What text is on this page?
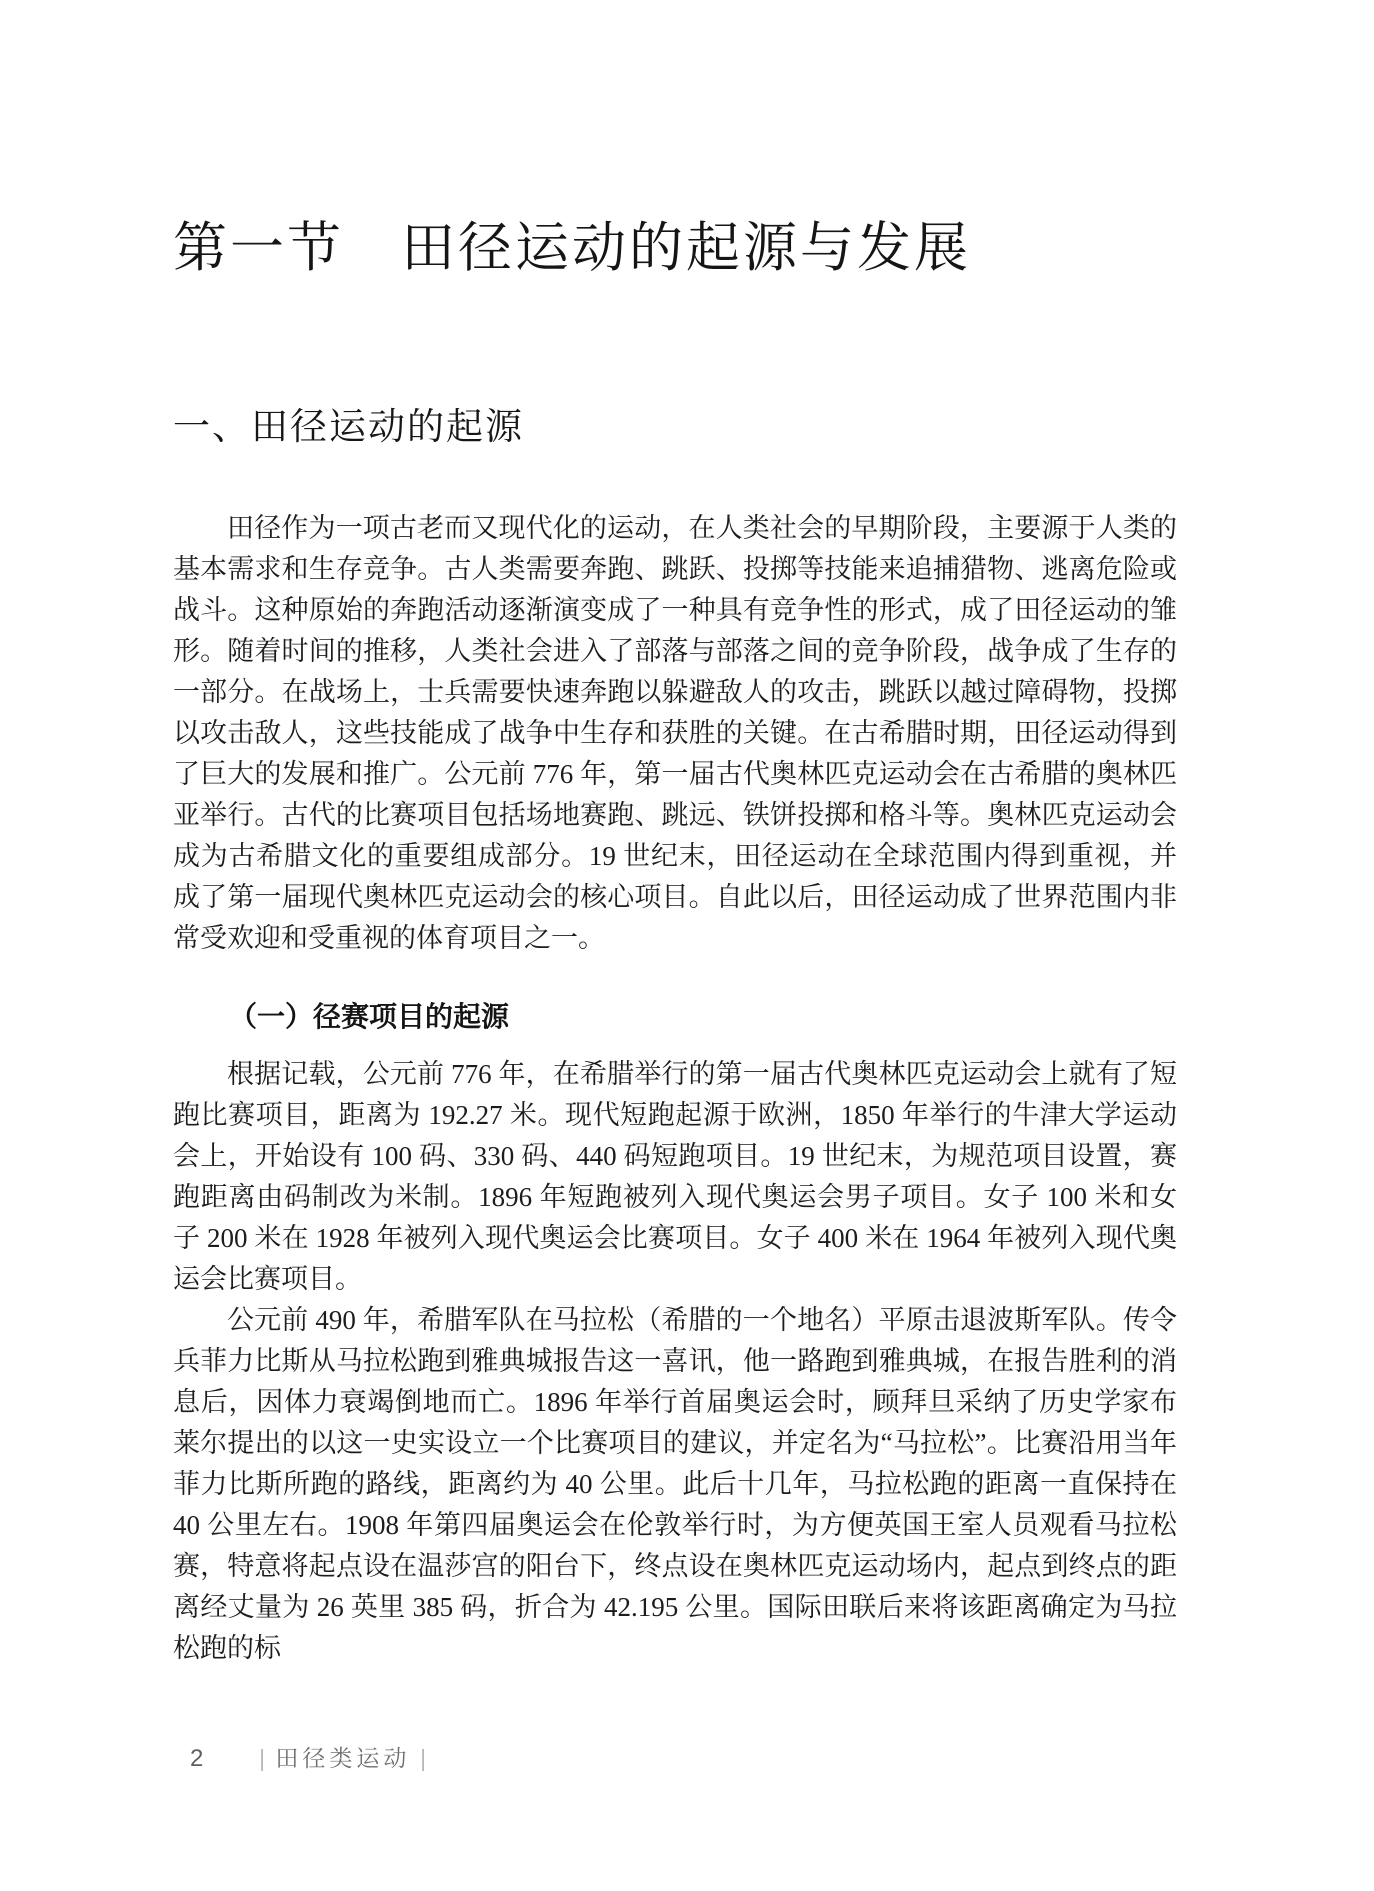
第一节　田径运动的起源与发展
一、田径运动的起源

田径作为一项古老而又现代化的运动，在人类社会的早期阶段，主要源于人类的基本需求和生存竞争。古人类需要奔跑、跳跃、投掷等技能来追捕猎物、逃离危险或战斗。这种原始的奔跑活动逐渐演变成了一种具有竞争性的形式，成了田径运动的雏形。随着时间的推移，人类社会进入了部落与部落之间的竞争阶段，战争成了生存的一部分。在战场上，士兵需要快速奔跑以躲避敌人的攻击，跳跃以越过障碍物，投掷以攻击敌人，这些技能成了战争中生存和获胜的关键。在古希腊时期，田径运动得到了巨大的发展和推广。公元前 776 年，第一届古代奥林匹克运动会在古希腊的奥林匹亚举行。古代的比赛项目包括场地赛跑、跳远、铁饼投掷和格斗等。奥林匹克运动会成为古希腊文化的重要组成部分。19 世纪末，田径运动在全球范围内得到重视，并成了第一届现代奥林匹克运动会的核心项目。自此以后，田径运动成了世界范围内非常受欢迎和受重视的体育项目之一。

（一）径赛项目的起源

根据记载，公元前 776 年，在希腊举行的第一届古代奥林匹克运动会上就有了短跑比赛项目，距离为 192.27 米。现代短跑起源于欧洲，1850 年举行的牛津大学运动会上，开始设有 100 码、330 码、440 码短跑项目。19 世纪末，为规范项目设置，赛跑距离由码制改为米制。1896 年短跑被列入现代奥运会男子项目。女子 100 米和女子 200 米在 1928 年被列入现代奥运会比赛项目。女子 400 米在 1964 年被列入现代奥运会比赛项目。

公元前 490 年，希腊军队在马拉松（希腊的一个地名）平原击退波斯军队。传令兵菲力比斯从马拉松跑到雅典城报告这一喜讯，他一路跑到雅典城，在报告胜利的消息后，因体力衰竭倒地而亡。1896 年举行首届奥运会时，顾拜旦采纳了历史学家布莱尔提出的以这一史实设立一个比赛项目的建议，并定名为“马拉松”。比赛沿用当年菲力比斯所跑的路线，距离约为 40 公里。此后十几年，马拉松跑的距离一直保持在 40 公里左右。1908 年第四届奥运会在伦敦举行时，为方便英国王室人员观看马拉松赛，特意将起点设在温莎宫的阳台下，终点设在奥林匹克运动场内，起点到终点的距离经丈量为 26 英里 385 码，折合为 42.195 公里。国际田联后来将该距离确定为马拉松跑的标

2 | 田径类运动 |
